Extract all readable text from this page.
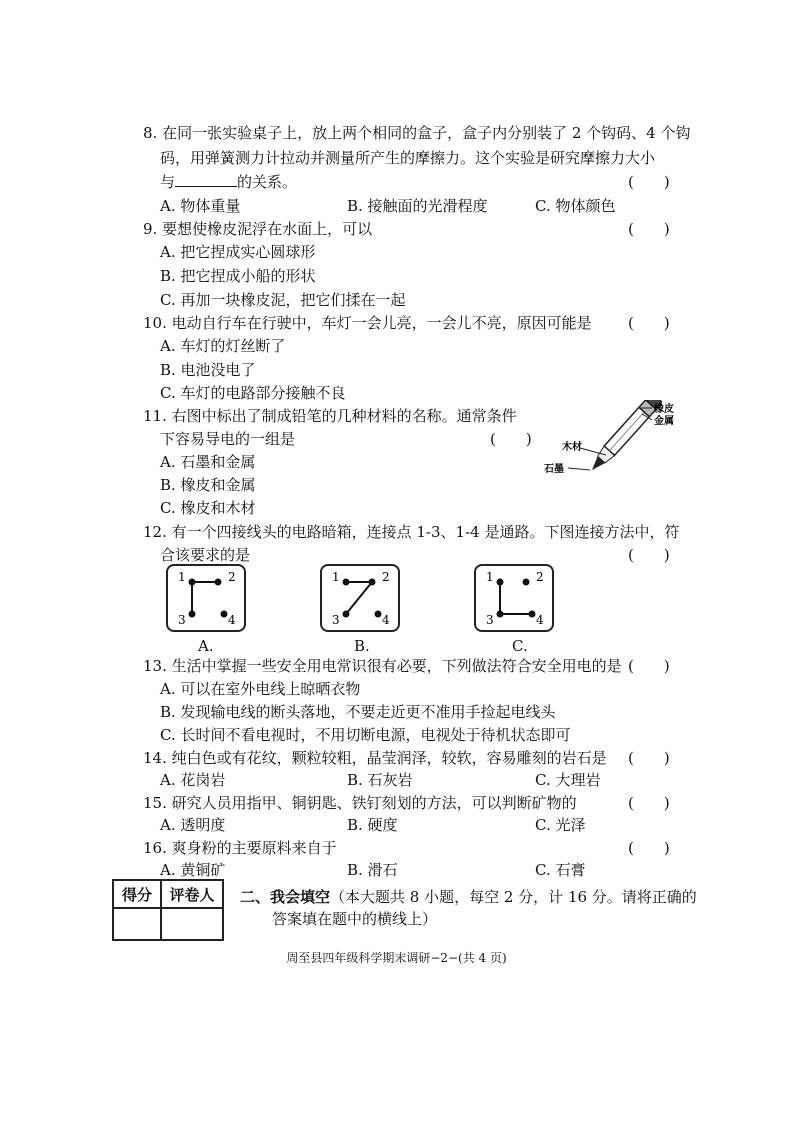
8. 在同一张实验桌子上，放上两个相同的盒子，盒子内分别装了 2 个钩码、4 个钩
码，用弹簧测力计拉动并测量所产生的摩擦力。这个实验是研究摩擦力大小
与	的关系。	(　　)
A. 物体重量	B. 接触面的光滑程度	C. 物体颜色
9. 要想使橡皮泥浮在水面上，可以	(　　)
A. 把它捏成实心圆球形
B. 把它捏成小船的形状
C. 再加一块橡皮泥，把它们揉在一起
10. 电动自行车在行驶中，车灯一会儿亮，一会儿不亮，原因可能是 (　　)
A. 车灯的灯丝断了
B. 电池没电了
C. 车灯的电路部分接触不良
11. 右图中标出了制成铅笔的几种材料的名称。通常条件
下容易导电的一组是	(　　)
A. 石墨和金属
B. 橡皮和金属
C. 橡皮和木材
橡皮
金属
木材
石墨
12. 有一个四接线头的电路暗箱，连接点 1-3、1-4 是通路。下图连接方法中，符
合该要求的是	(　　)
1	2
3	4
A.
1	2
3	4
B.
1	2
3	4
C.
13. 生活中掌握一些安全用电常识很有必要，下列做法符合安全用电的是 (　　)
A. 可以在室外电线上晾晒衣物
B. 发现输电线的断头落地，不要走近更不准用手捡起电线头
C. 长时间不看电视时，不用切断电源，电视处于待机状态即可
14. 纯白色或有花纹，颗粒较粗，晶莹润泽，较软，容易雕刻的岩石是 (　　)
A. 花岗岩	B. 石灰岩	C. 大理岩
15. 研究人员用指甲、铜钥匙、铁钉刻划的方法，可以判断矿物的	(　　)
A. 透明度	B. 硬度	C. 光泽
16. 爽身粉的主要原料来自于	(　　)
A. 黄铜矿	B. 滑石	C. 石膏
得分	评卷人
	二、我会填空（本大题共 8 小题，每空 2 分，计 16 分。请将正确的
答案填在题中的横线上）
周至县四年级科学期末调研−2−(共 4 页)
